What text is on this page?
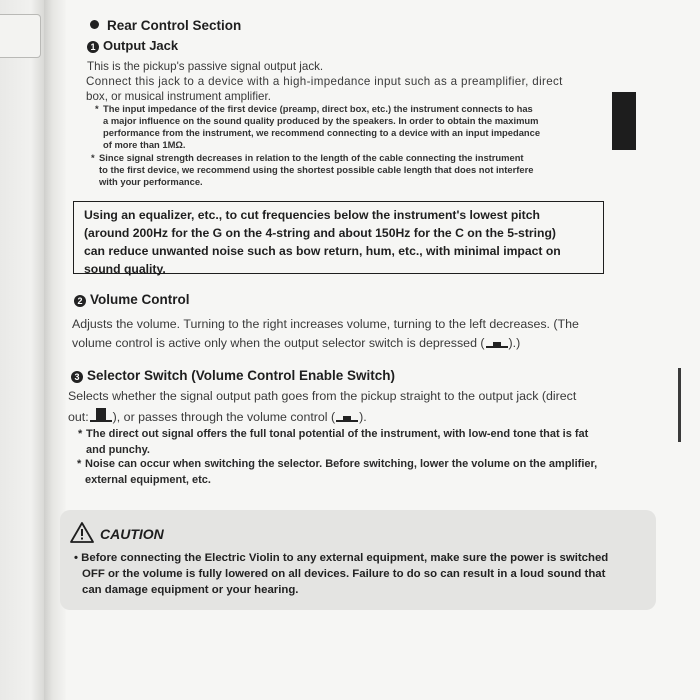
Rear Control Section
1 Output Jack
This is the pickup's passive signal output jack.
Connect this jack to a device with a high-impedance input such as a preamplifier, direct
box, or musical instrument amplifier.
* The input impedance of the first device (preamp, direct box, etc.) the instrument connects to has
a major influence on the sound quality produced by the speakers. In order to obtain the maximum
performance from the instrument, we recommend connecting to a device with an input impedance
of more than 1MΩ.
* Since signal strength decreases in relation to the length of the cable connecting the instrument
to the first device, we recommend using the shortest possible cable length that does not interfere
with your performance.
Using an equalizer, etc., to cut frequencies below the instrument's lowest pitch
(around 200Hz for the G on the 4-string and about 150Hz for the C on the 5-string)
can reduce unwanted noise such as bow return, hum, etc., with minimal impact on
sound quality.
2 Volume Control
Adjusts the volume. Turning to the right increases volume, turning to the left decreases. (The
volume control is active only when the output selector switch is depressed ( ).)
3 Selector Switch (Volume Control Enable Switch)
Selects whether the signal output path goes from the pickup straight to the output jack (direct
out: ), or passes through the volume control ( ).
* The direct out signal offers the full tonal potential of the instrument, with low-end tone that is fat
and punchy.
* Noise can occur when switching the selector. Before switching, lower the volume on the amplifier,
external equipment, etc.
CAUTION
• Before connecting the Electric Violin to any external equipment, make sure the power is switched
OFF or the volume is fully lowered on all devices. Failure to do so can result in a loud sound that
can damage equipment or your hearing.
